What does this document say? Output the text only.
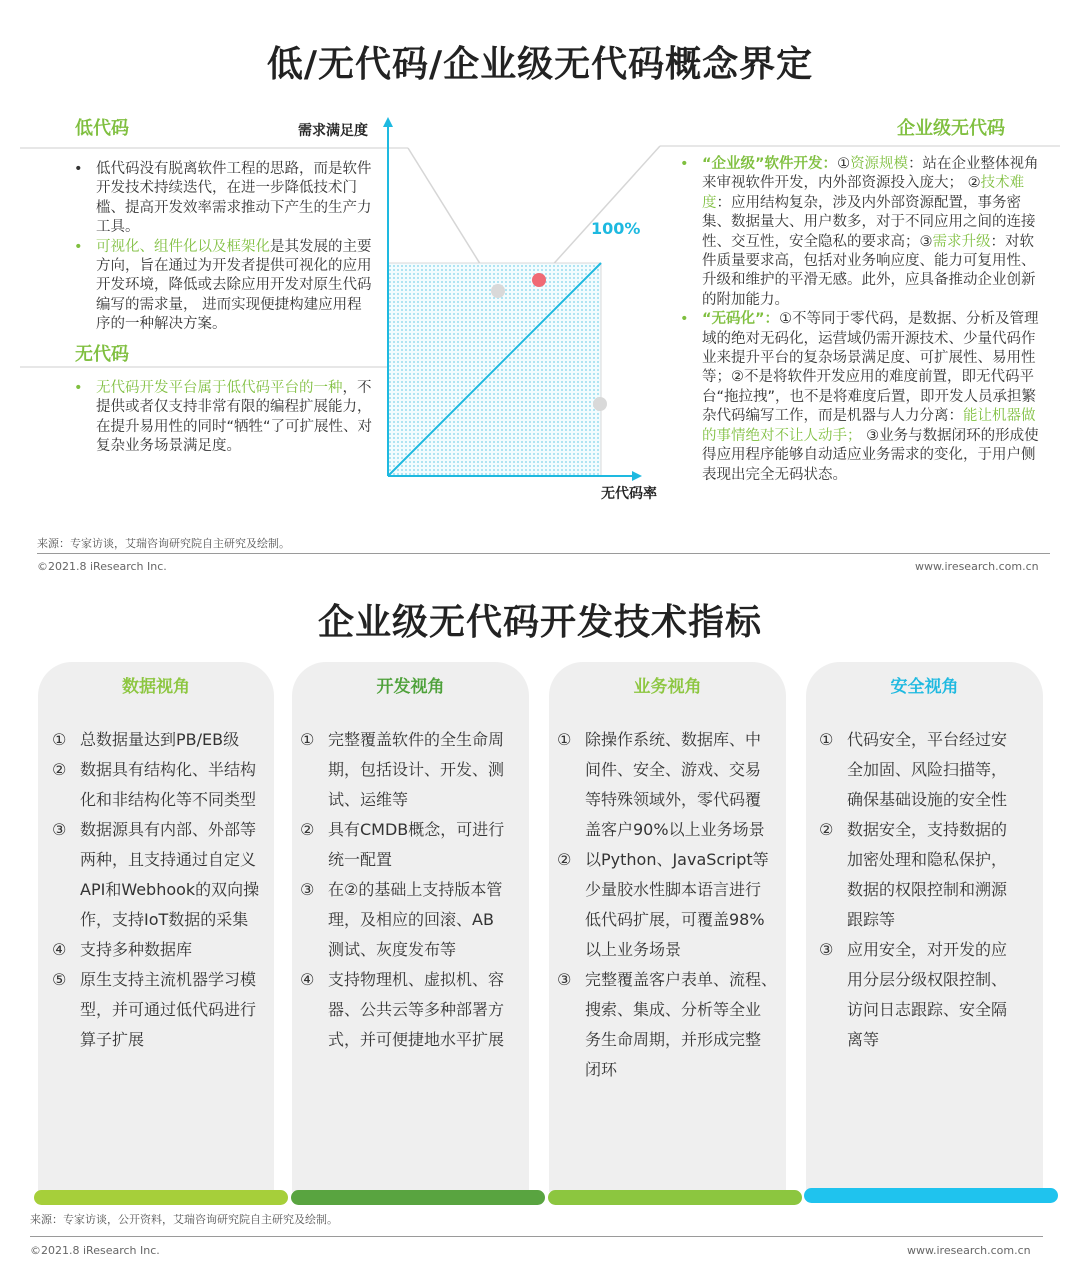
低/无代码/企业级无代码概念界定
低代码
• 低代码没有脱离软件工程的思路，而是软件开发技术持续迭代，在进一步降低技术门槛、提高开发效率需求推动下产生的生产力工具。
• 可视化、组件化以及框架化是其发展的主要方向，旨在通过为开发者提供可视化的应用开发环境，降低或去除应用开发对原生代码编写的需求量， 进而实现便捷构建应用程序的一种解决方案。
无代码
• 无代码开发平台属于低代码平台的一种，不提供或者仅支持非常有限的编程扩展能力，在提升易用性的同时“牺牲“了可扩展性、对复杂业务场景满足度。
企业级无代码
• “企业级”软件开发：①资源规模：站在企业整体视角来审视软件开发，内外部资源投入庞大； ②技术难度：应用结构复杂，涉及内外部资源配置，事务密集、数据量大、用户数多，对于不同应用之间的连接性、交互性，安全隐私的要求高；③需求升级：对软件质量要求高，包括对业务响应度、能力可复用性、升级和维护的平滑无感。此外，应具备推动企业创新的附加能力。
• “无码化”：①不等同于零代码，是数据、分析及管理域的绝对无码化，运营域仍需开源技术、少量代码作业来提升平台的复杂场景满足度、可扩展性、易用性等；②不是将软件开发应用的难度前置，即无代码平台“拖拉拽”，也不是将难度后置，即开发人员承担繁杂代码编写工作，而是机器与人力分离：能让机器做的事情绝对不让人动手； ③业务与数据闭环的形成使得应用程序能够自动适应业务需求的变化，于用户侧表现出完全无码状态。
需求满足度
无代码率
100%
来源：专家访谈，艾瑞咨询研究院自主研究及绘制。
©2021.8 iResearch Inc.	www.iresearch.com.cn
企业级无代码开发技术指标
数据视角
① 总数据量达到PB/EB级
② 数据具有结构化、半结构
化和非结构化等不同类型
③ 数据源具有内部、外部等
两种，且支持通过自定义
API和Webhook的双向操
作，支持IoT数据的采集
④ 支持多种数据库
⑤ 原生支持主流机器学习模
型，并可通过低代码进行
算子扩展
开发视角
① 完整覆盖软件的全生命周
期，包括设计、开发、测
试、运维等
② 具有CMDB概念，可进行
统一配置
③ 在②的基础上支持版本管
理，及相应的回滚、AB
测试、灰度发布等
④ 支持物理机、虚拟机、容
器、公共云等多种部署方
式，并可便捷地水平扩展
业务视角
① 除操作系统、数据库、中
间件、安全、游戏、交易
等特殊领域外，零代码覆
盖客户90%以上业务场景
② 以Python、JavaScript等
少量胶水性脚本语言进行
低代码扩展，可覆盖98%
以上业务场景
③ 完整覆盖客户表单、流程、
搜索、集成、分析等全业
务生命周期，并形成完整
闭环
安全视角
① 代码安全，平台经过安
全加固、风险扫描等，
确保基础设施的安全性
② 数据安全，支持数据的
加密处理和隐私保护，
数据的权限控制和溯源
跟踪等
③ 应用安全，对开发的应
用分层分级权限控制、
访问日志跟踪、安全隔
离等
来源：专家访谈，公开资料，艾瑞咨询研究院自主研究及绘制。
©2021.8 iResearch Inc.	www.iresearch.com.cn
